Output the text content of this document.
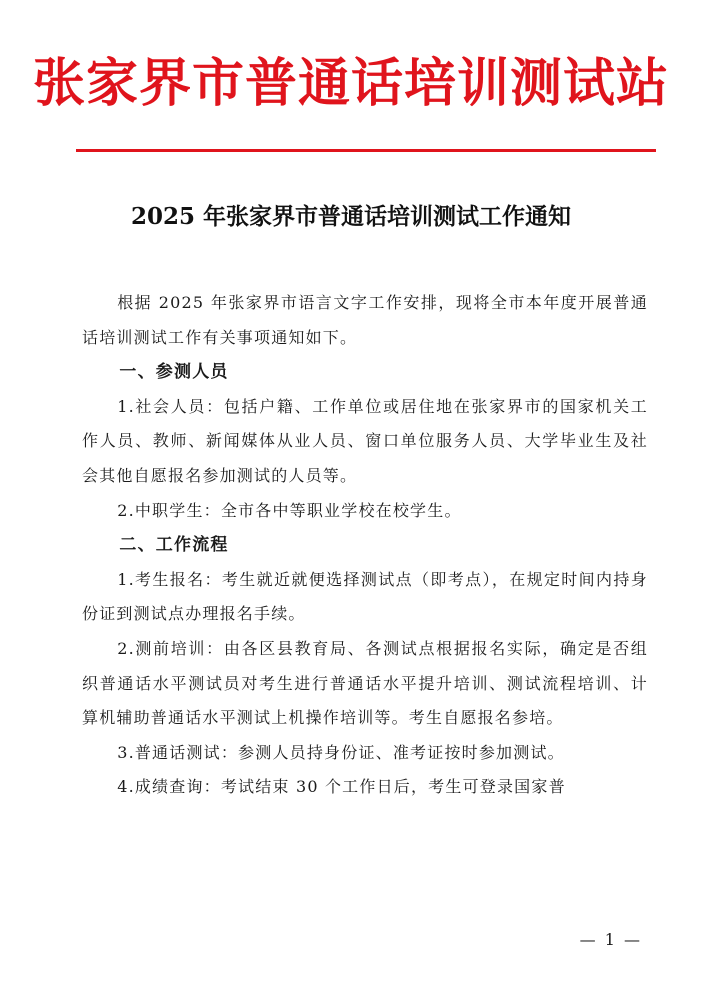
张家界市普通话培训测试站
2025 年张家界市普通话培训测试工作通知

根据 2025 年张家界市语言文字工作安排，现将全市本年度开展普通话培训测试工作有关事项通知如下。

一、参测人员

1.社会人员：包括户籍、工作单位或居住地在张家界市的国家机关工作人员、教师、新闻媒体从业人员、窗口单位服务人员、大学毕业生及社会其他自愿报名参加测试的人员等。

2.中职学生：全市各中等职业学校在校学生。

二、工作流程

1.考生报名：考生就近就便选择测试点（即考点），在规定时间内持身份证到测试点办理报名手续。

2.测前培训：由各区县教育局、各测试点根据报名实际，确定是否组织普通话水平测试员对考生进行普通话水平提升培训、测试流程培训、计算机辅助普通话水平测试上机操作培训等。考生自愿报名参培。

3.普通话测试：参测人员持身份证、准考证按时参加测试。

4.成绩查询：考试结束 30 个工作日后，考生可登录国家普

— 1 —
